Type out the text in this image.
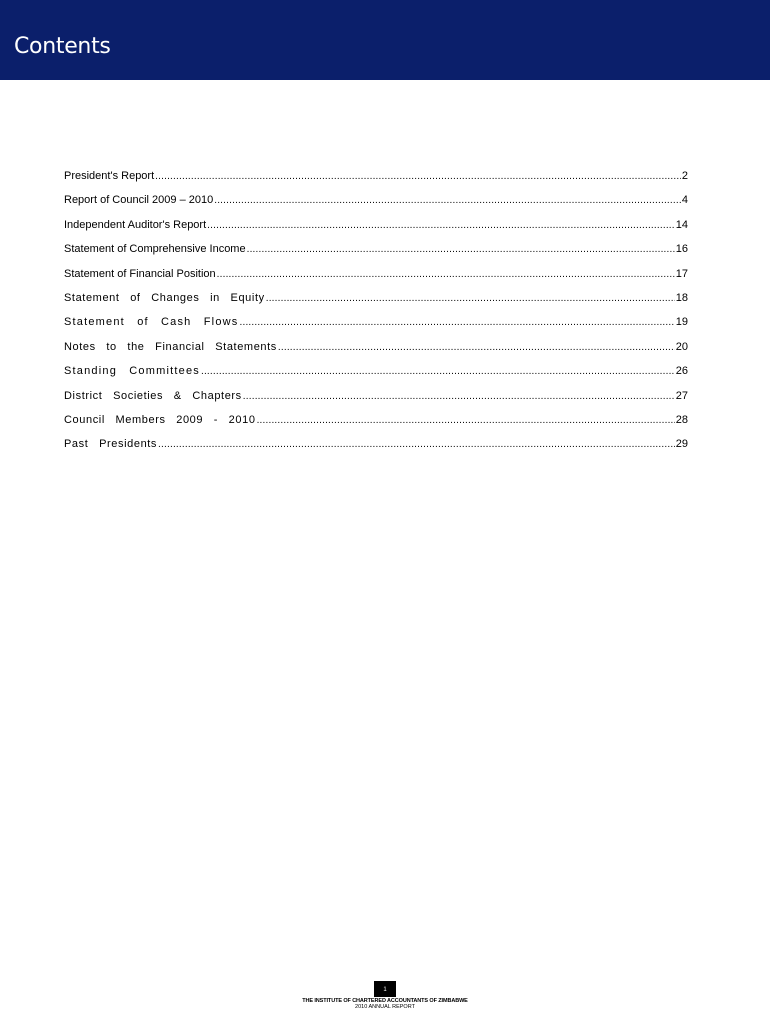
Contents
President's Report .....	2
Report of Council 2009 – 2010 .....	4
Independent Auditor's Report .....	14
Statement of Comprehensive Income .....	16
Statement of Financial Position .....	17
Statement of Changes in Equity .....	18
Statement of Cash Flows .....	19
Notes to the Financial Statements .....	20
Standing Committees .....	26
District Societies & Chapters .....	27
Council Members 2009 - 2010 .....	28
Past Presidents .....	29
1
THE INSTITUTE OF CHARTERED ACCOUNTANTS OF ZIMBABWE
2010 ANNUAL REPORT
